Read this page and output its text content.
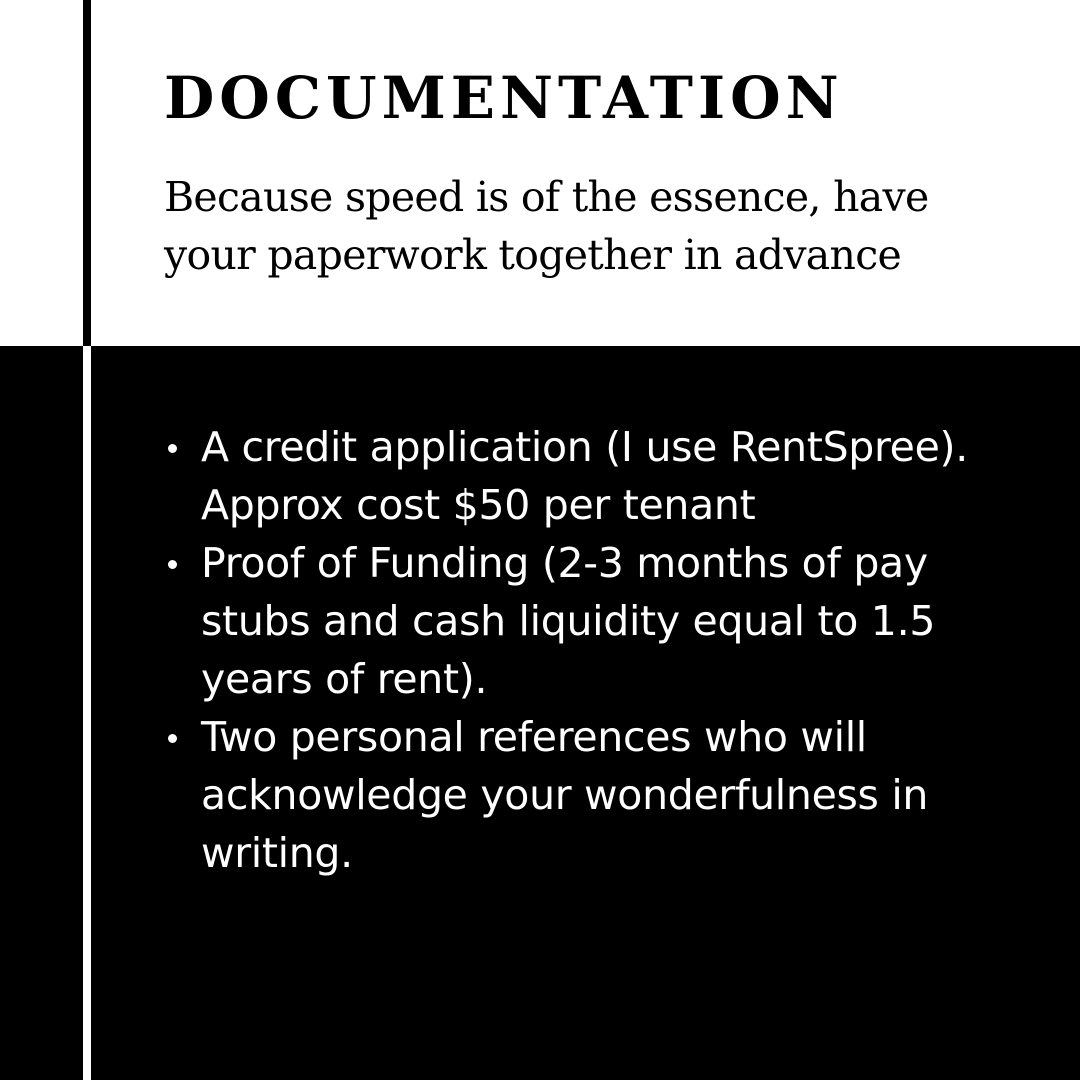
DOCUMENTATION

Because speed is of the essence, have your paperwork together in advance

A credit application (I use RentSpree). Approx cost $50 per tenant
Proof of Funding (2-3 months of pay stubs and cash liquidity equal to 1.5 years of rent).
Two personal references who will acknowledge your wonderfulness in writing.
